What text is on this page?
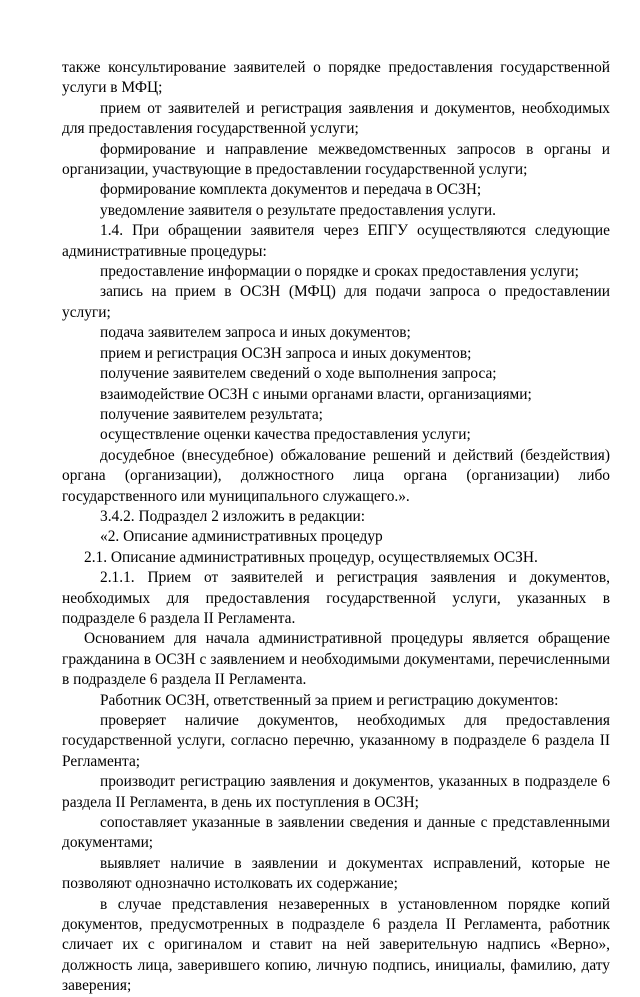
также консультирование заявителей о порядке предоставления государственной услуги в МФЦ;

прием от заявителей и регистрация заявления и документов, необходимых для предоставления государственной услуги;

формирование и направление межведомственных запросов в органы и организации, участвующие в предоставлении государственной услуги;

формирование комплекта документов и передача в ОСЗН;

уведомление заявителя о результате предоставления услуги.

1.4. При обращении заявителя через ЕПГУ осуществляются следующие административные процедуры:

предоставление информации о порядке и сроках предоставления услуги;

запись на прием в ОСЗН (МФЦ) для подачи запроса о предоставлении услуги;

подача заявителем запроса и иных документов;

прием и регистрация ОСЗН запроса и иных документов;

получение заявителем сведений о ходе выполнения запроса;

взаимодействие ОСЗН с иными органами власти, организациями;

получение заявителем результата;

осуществление оценки качества предоставления услуги;

досудебное (внесудебное) обжалование решений и действий (бездействия) органа (организации), должностного лица органа (организации) либо государственного или муниципального служащего.».

3.4.2. Подраздел 2 изложить в редакции:

«2. Описание административных процедур

2.1. Описание административных процедур, осуществляемых ОСЗН.

2.1.1. Прием от заявителей и регистрация заявления и документов, необходимых для предоставления государственной услуги, указанных в подразделе 6 раздела II Регламента.

Основанием для начала административной процедуры является обращение гражданина в ОСЗН с заявлением и необходимыми документами, перечисленными в подразделе 6 раздела II Регламента.

Работник ОСЗН, ответственный за прием и регистрацию документов:

проверяет наличие документов, необходимых для предоставления государственной услуги, согласно перечню, указанному в подразделе 6 раздела II Регламента;

производит регистрацию заявления и документов, указанных в подразделе 6 раздела II Регламента, в день их поступления в ОСЗН;

сопоставляет указанные в заявлении сведения и данные с представленными документами;

выявляет наличие в заявлении и документах исправлений, которые не позволяют однозначно истолковать их содержание;

в случае представления незаверенных в установленном порядке копий документов, предусмотренных в подразделе 6 раздела II Регламента, работник сличает их с оригиналом и ставит на ней заверительную надпись «Верно», должность лица, заверившего копию, личную подпись, инициалы, фамилию, дату заверения;
